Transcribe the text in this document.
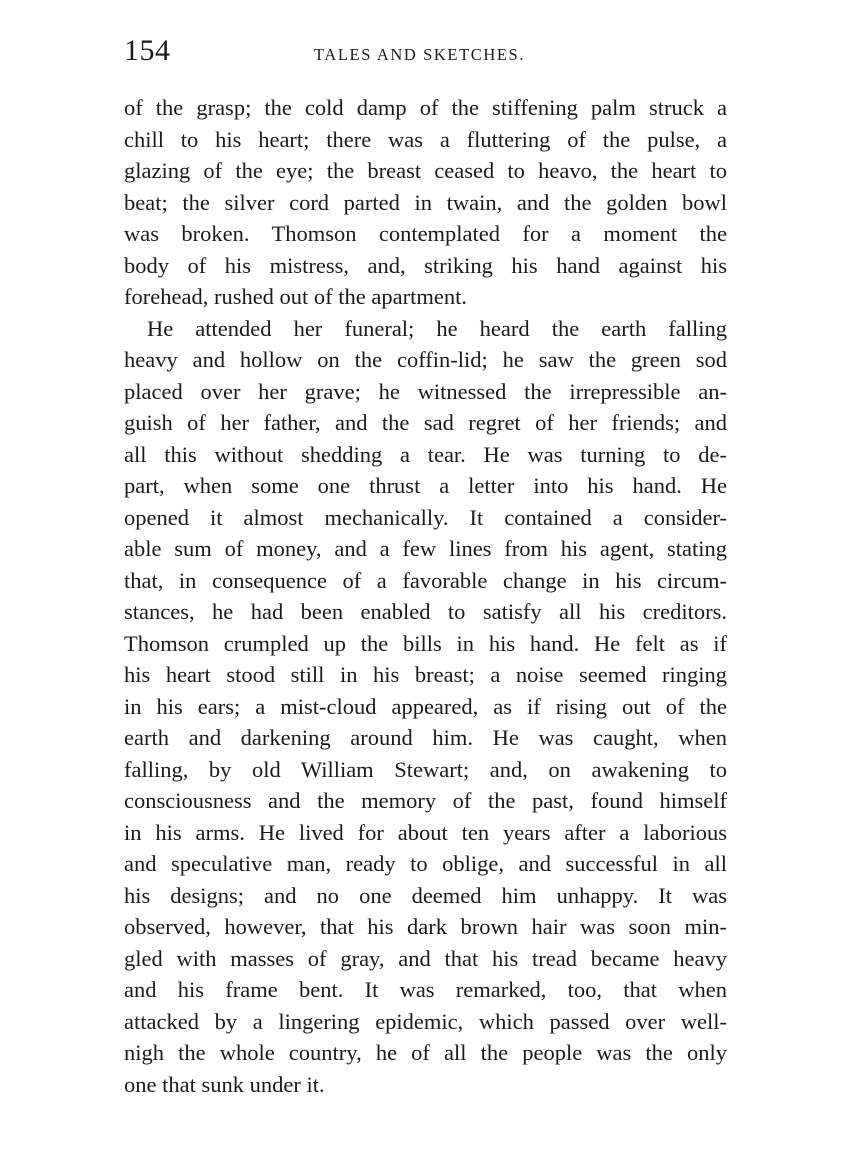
154	TALES AND SKETCHES.
of the grasp; the cold damp of the stiffening palm struck a
chill to his heart; there was a fluttering of the pulse, a
glazing of the eye; the breast ceased to heavo, the heart to
beat; the silver cord parted in twain, and the golden bowl
was broken. Thomson contemplated for a moment the
body of his mistress, and, striking his hand against his
forehead, rushed out of the apartment.
He attended her funeral; he heard the earth falling
heavy and hollow on the coffin-lid; he saw the green sod
placed over her grave; he witnessed the irrepressible an-
guish of her father, and the sad regret of her friends; and
all this without shedding a tear. He was turning to de-
part, when some one thrust a letter into his hand. He
opened it almost mechanically. It contained a consider-
able sum of money, and a few lines from his agent, stating
that, in consequence of a favorable change in his circum-
stances, he had been enabled to satisfy all his creditors.
Thomson crumpled up the bills in his hand. He felt as if
his heart stood still in his breast; a noise seemed ringing
in his ears; a mist-cloud appeared, as if rising out of the
earth and darkening around him. He was caught, when
falling, by old William Stewart; and, on awakening to
consciousness and the memory of the past, found himself
in his arms. He lived for about ten years after a laborious
and speculative man, ready to oblige, and successful in all
his designs; and no one deemed him unhappy. It was
observed, however, that his dark brown hair was soon min-
gled with masses of gray, and that his tread became heavy
and his frame bent. It was remarked, too, that when
attacked by a lingering epidemic, which passed over well-
nigh the whole country, he of all the people was the only
one that sunk under it.
